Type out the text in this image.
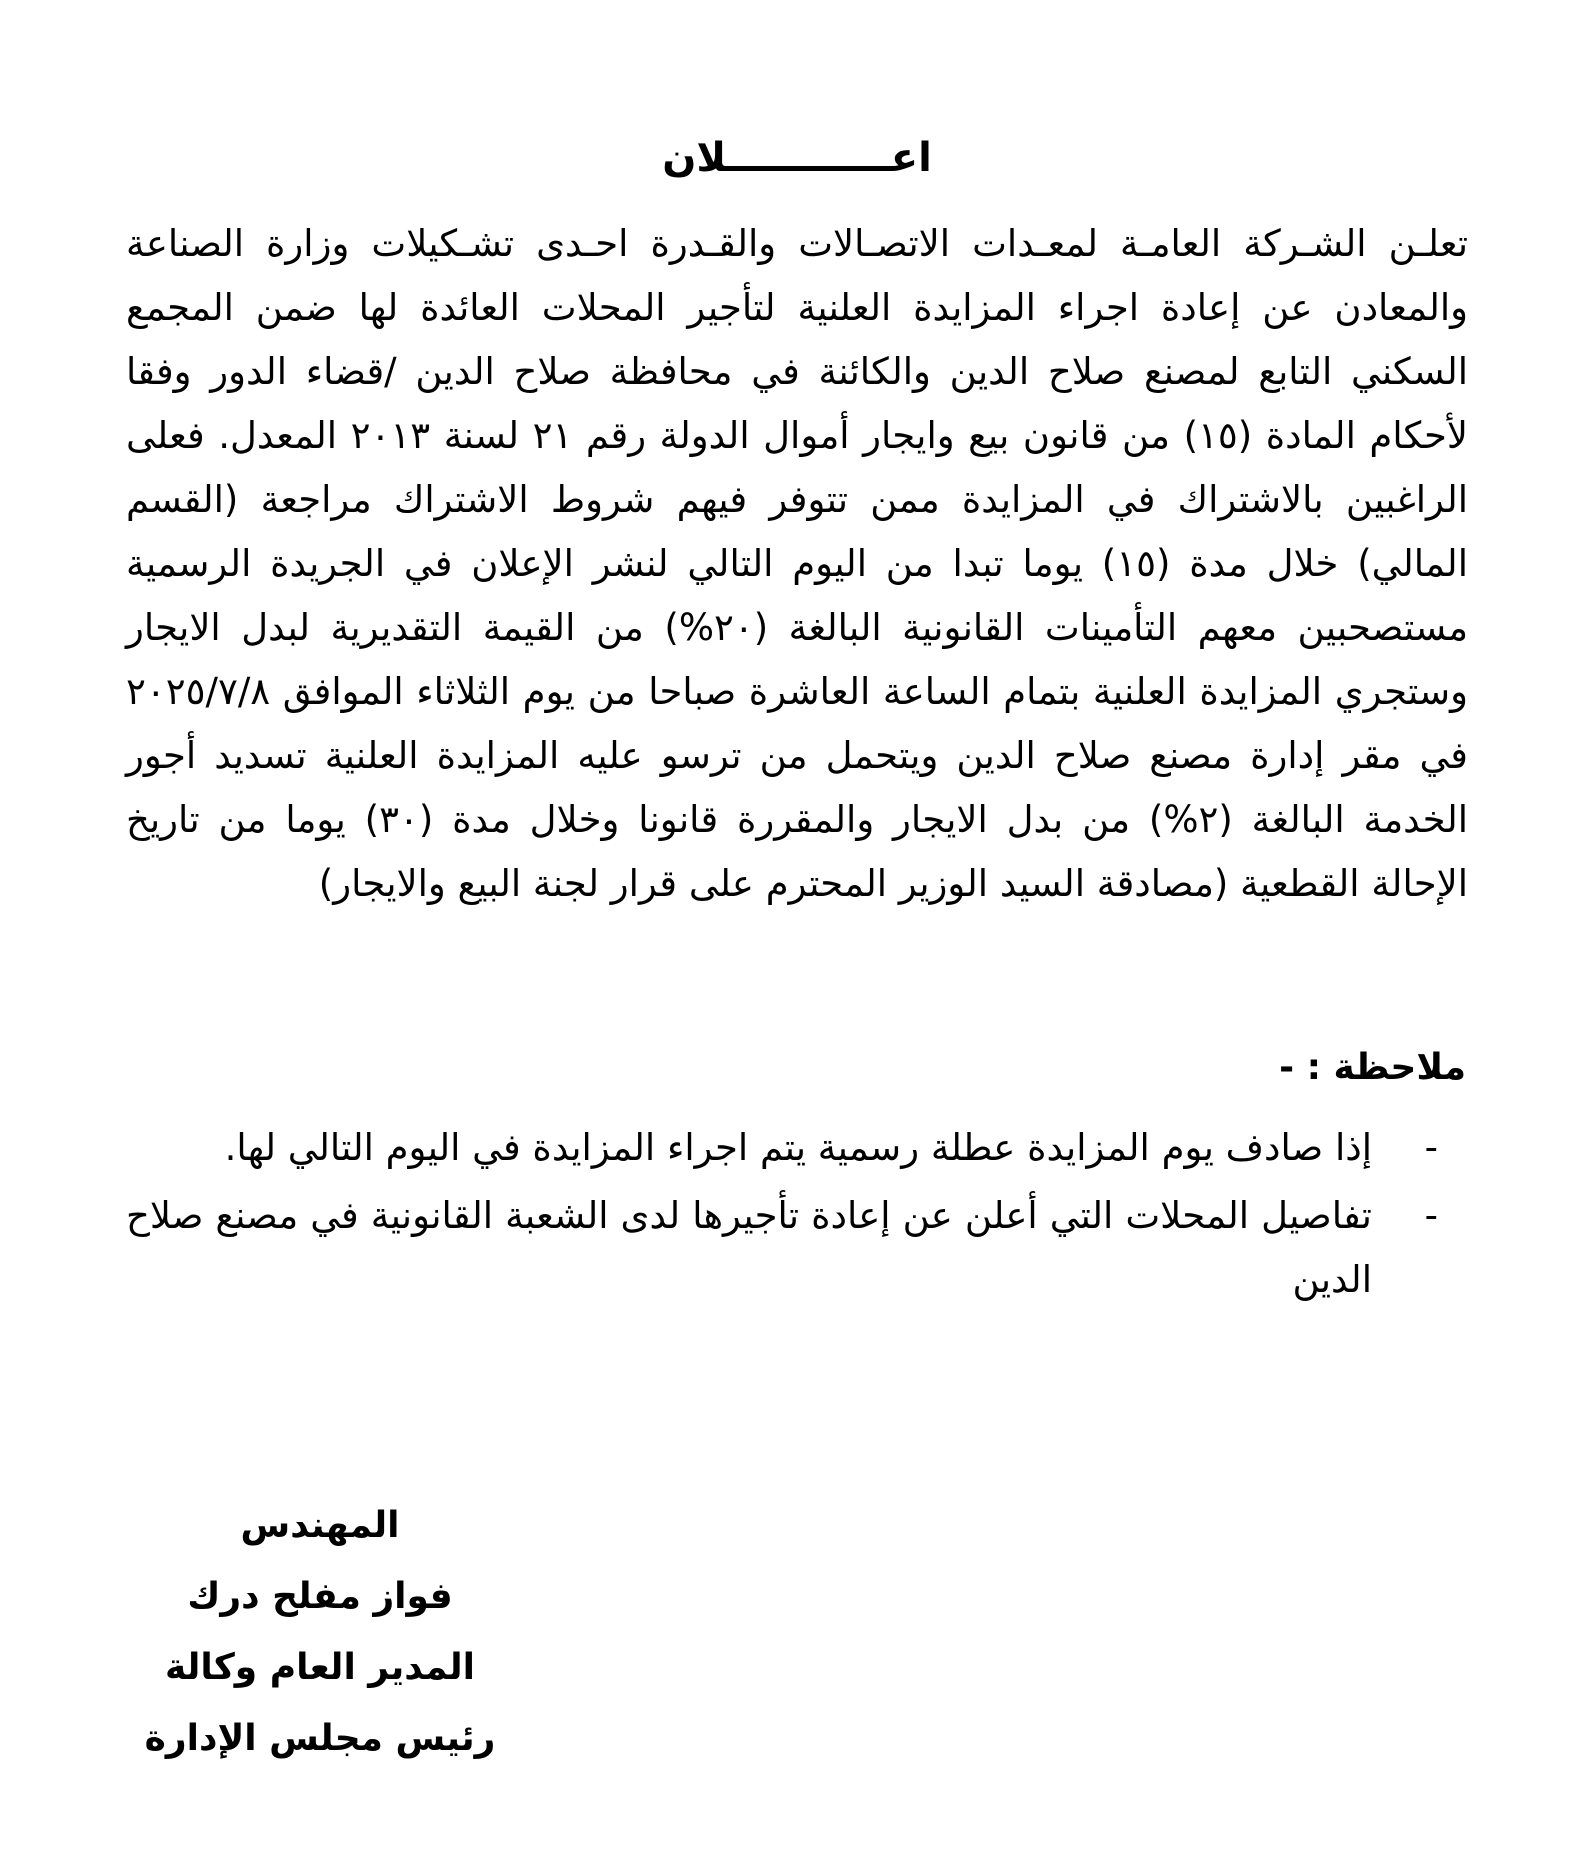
اعــــــــــــلان

تعلـن الشـركة العامـة لمعـدات الاتصـالات والقـدرة احـدى تشـكيلات وزارة الصناعة والمعادن عن إعادة اجراء المزايدة العلنية لتأجير المحلات العائدة لها ضمن المجمع السكني التابع لمصنع صلاح الدين والكائنة في محافظة صلاح الدين /قضاء الدور وفقا لأحكام المادة (١٥) من قانون بيع وايجار أموال الدولة رقم ٢١ لسنة ٢٠١٣ المعدل. فعلى الراغبين بالاشتراك في المزايدة ممن تتوفر فيهم شروط الاشتراك مراجعة (القسم المالي) خلال مدة (١٥) يوما تبدا من اليوم التالي لنشر الإعلان في الجريدة الرسمية مستصحبين معهم التأمينات القانونية البالغة (٢٠%) من القيمة التقديرية لبدل الايجار وستجري المزايدة العلنية بتمام الساعة العاشرة صباحا من يوم الثلاثاء الموافق ٢٠٢٥/٧/٨ في مقر إدارة مصنع صلاح الدين ويتحمل من ترسو عليه المزايدة العلنية تسديد أجور الخدمة البالغة (٢%) من بدل الايجار والمقررة قانونا وخلال مدة (٣٠) يوما من تاريخ الإحالة القطعية (مصادقة السيد الوزير المحترم على قرار لجنة البيع والايجار)

ملاحظة : -
-
إذا صادف يوم المزايدة عطلة رسمية يتم اجراء المزايدة في اليوم التالي لها.
-
تفاصيل المحلات التي أعلن عن إعادة تأجيرها لدى الشعبة القانونية في مصنع صلاح الدين
المهندس
فواز مفلح درك
المدير العام وكالة
رئيس مجلس الإدارة
